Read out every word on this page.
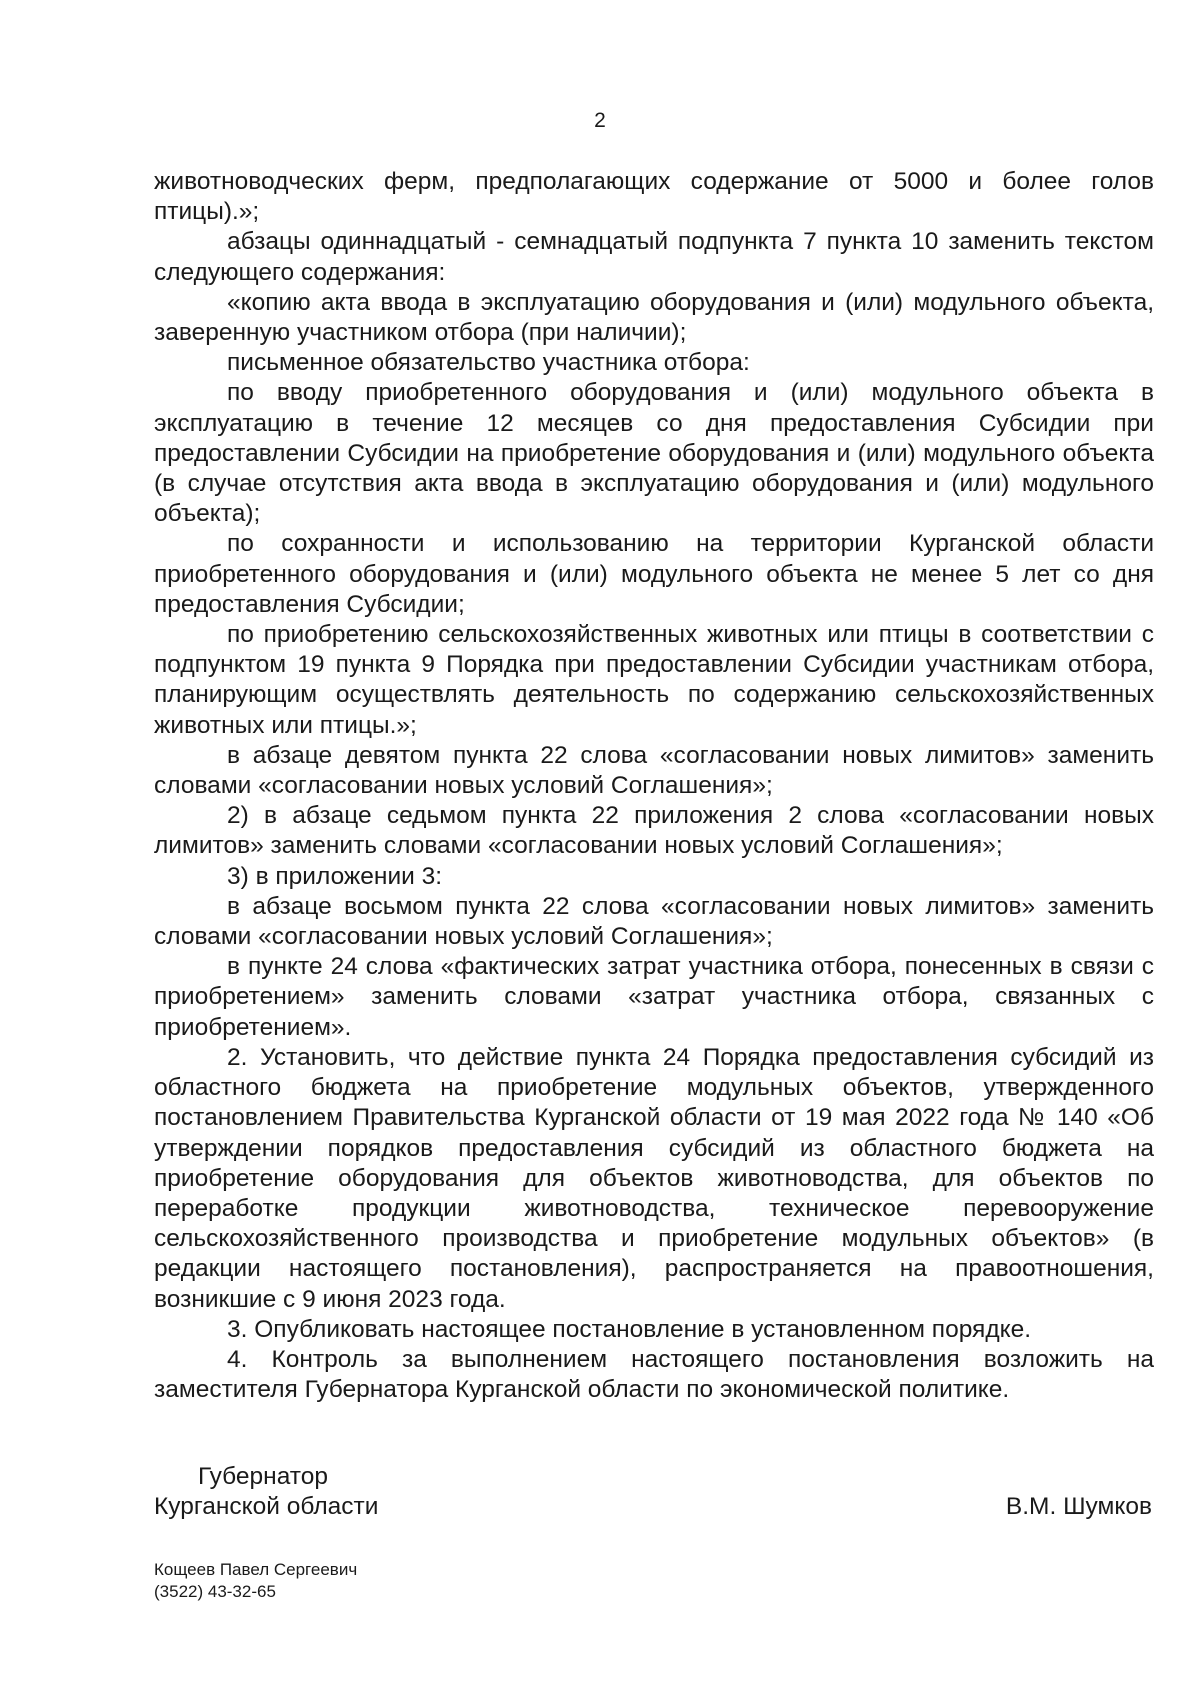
2

животноводческих ферм, предполагающих содержание от 5000 и более голов птицы).»;

абзацы одиннадцатый - семнадцатый подпункта 7 пункта 10 заменить текстом следующего содержания:

«копию акта ввода в эксплуатацию оборудования и (или) модульного объекта, заверенную участником отбора (при наличии);

письменное обязательство участника отбора:

по вводу приобретенного оборудования и (или) модульного объекта в эксплуатацию в течение 12 месяцев со дня предоставления Субсидии при предоставлении Субсидии на приобретение оборудования и (или) модульного объекта (в случае отсутствия акта ввода в эксплуатацию оборудования и (или) модульного объекта);

по сохранности и использованию на территории Курганской области приобретенного оборудования и (или) модульного объекта не менее 5 лет со дня предоставления Субсидии;

по приобретению сельскохозяйственных животных или птицы в соответствии с подпунктом 19 пункта 9 Порядка при предоставлении Субсидии участникам отбора, планирующим осуществлять деятельность по содержанию сельскохозяйственных животных или птицы.»;

в абзаце девятом пункта 22 слова «согласовании новых лимитов» заменить словами «согласовании новых условий Соглашения»;

2) в абзаце седьмом пункта 22 приложения 2 слова «согласовании новых лимитов» заменить словами «согласовании новых условий Соглашения»;

3) в приложении 3:

в абзаце восьмом пункта 22 слова «согласовании новых лимитов» заменить словами «согласовании новых условий Соглашения»;

в пункте 24 слова «фактических затрат участника отбора, понесенных в связи с приобретением» заменить словами «затрат участника отбора, связанных с приобретением».

2. Установить, что действие пункта 24 Порядка предоставления субсидий из областного бюджета на приобретение модульных объектов, утвержденного постановлением Правительства Курганской области от 19 мая 2022 года № 140 «Об утверждении порядков предоставления субсидий из областного бюджета на приобретение оборудования для объектов животноводства, для объектов по переработке продукции животноводства, техническое перевооружение сельскохозяйственного производства и приобретение модульных объектов» (в редакции настоящего постановления), распространяется на правоотношения, возникшие с 9 июня 2023 года.

3. Опубликовать настоящее постановление в установленном порядке.

4. Контроль за выполнением настоящего постановления возложить на заместителя Губернатора Курганской области по экономической политике.

Губернатор
Курганской области	В.М. Шумков
Кощеев Павел Сергеевич
(3522) 43-32-65
